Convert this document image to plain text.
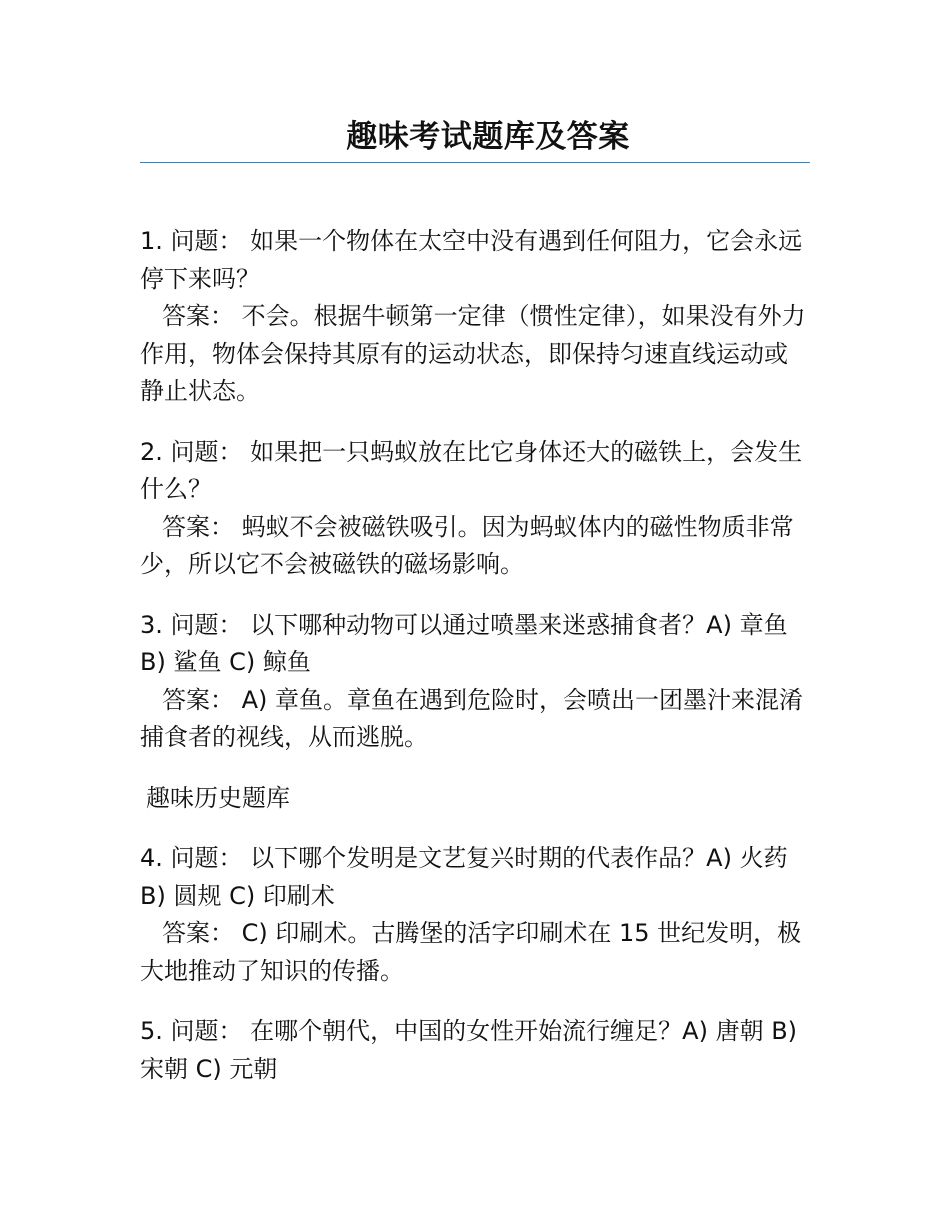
趣味考试题库及答案

1. 问题： 如果一个物体在太空中没有遇到任何阻力，它会永远停下来吗？

答案： 不会。根据牛顿第一定律（惯性定律），如果没有外力作用，物体会保持其原有的运动状态，即保持匀速直线运动或静止状态。

2. 问题： 如果把一只蚂蚁放在比它身体还大的磁铁上，会发生什么？

答案： 蚂蚁不会被磁铁吸引。因为蚂蚁体内的磁性物质非常少，所以它不会被磁铁的磁场影响。

3. 问题： 以下哪种动物可以通过喷墨来迷惑捕食者？A) 章鱼 B) 鲨鱼 C) 鲸鱼

答案： A) 章鱼。章鱼在遇到危险时，会喷出一团墨汁来混淆捕食者的视线，从而逃脱。

趣味历史题库

4. 问题： 以下哪个发明是文艺复兴时期的代表作品？A) 火药 B) 圆规 C) 印刷术

答案： C) 印刷术。古腾堡的活字印刷术在 15 世纪发明，极大地推动了知识的传播。

5. 问题： 在哪个朝代，中国的女性开始流行缠足？A) 唐朝 B) 宋朝 C) 元朝
